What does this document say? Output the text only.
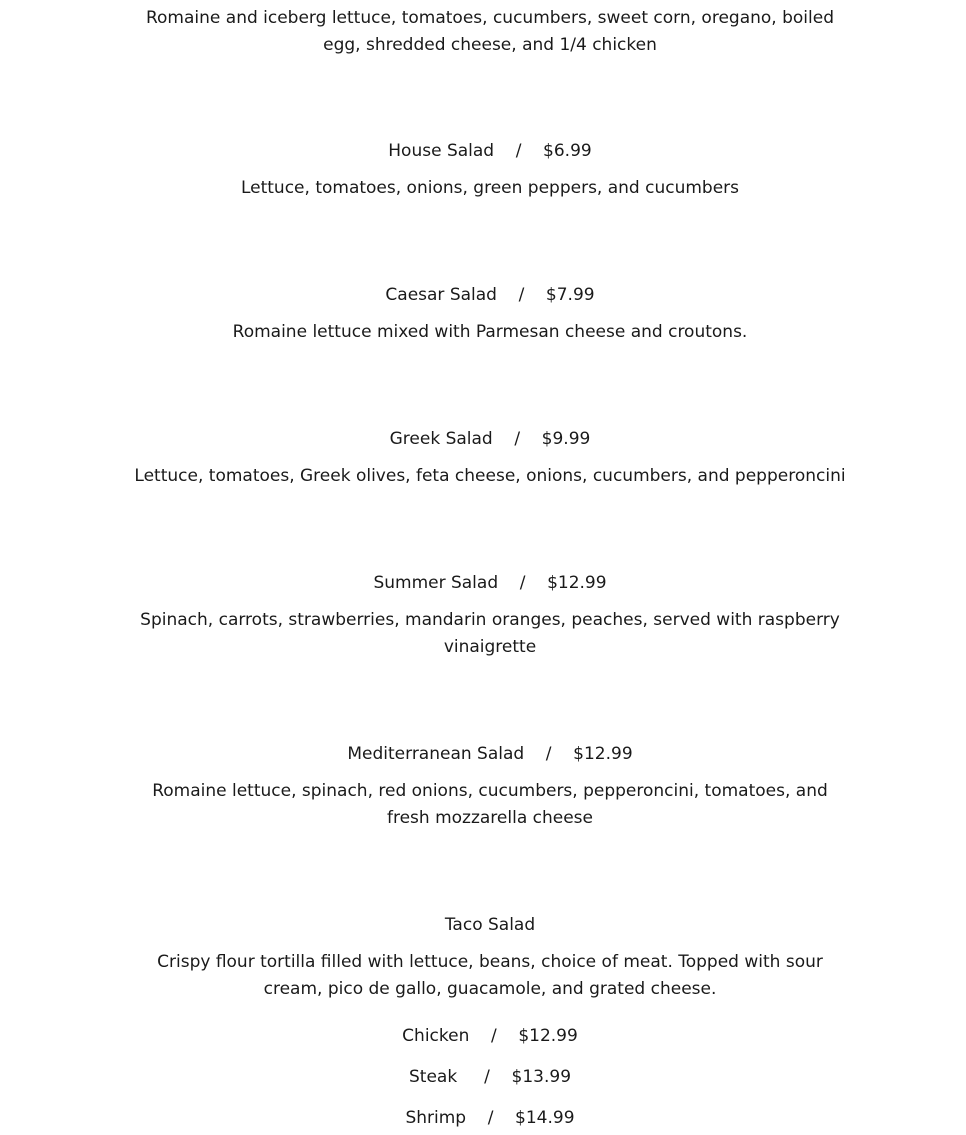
Romaine and iceberg lettuce, tomatoes, cucumbers, sweet corn, oregano, boiled
egg, shredded cheese, and 1/4 chicken
House Salad    /    $6.99
Lettuce, tomatoes, onions, green peppers, and cucumbers
Caesar Salad    /    $7.99
Romaine lettuce mixed with Parmesan cheese and croutons.
Greek Salad    /    $9.99
Lettuce, tomatoes, Greek olives, feta cheese, onions, cucumbers, and pepperoncini
Summer Salad    /    $12.99
Spinach, carrots, strawberries, mandarin oranges, peaches, served with raspberry
vinaigrette
Mediterranean Salad    /    $12.99
Romaine lettuce, spinach, red onions, cucumbers, pepperoncini, tomatoes, and
fresh mozzarella cheese
Taco Salad
Crispy flour tortilla filled with lettuce, beans, choice of meat. Topped with sour
cream, pico de gallo, guacamole, and grated cheese.
Chicken    /    $12.99
Steak     /    $13.99
Shrimp    /    $14.99
